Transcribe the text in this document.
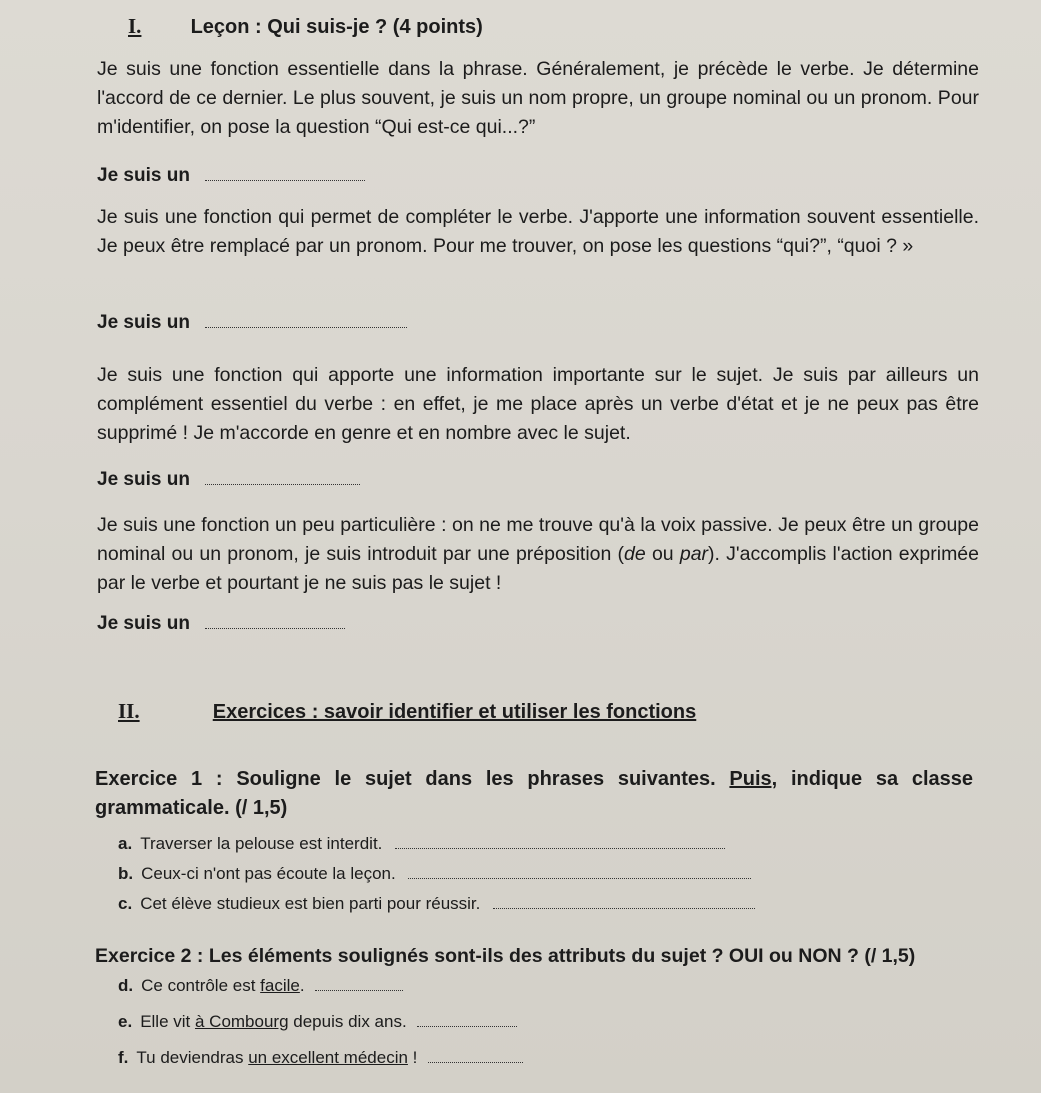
I. Leçon : Qui suis-je ? (4 points)
Je suis une fonction essentielle dans la phrase. Généralement, je précède le verbe. Je détermine l'accord de ce dernier. Le plus souvent, je suis un nom propre, un groupe nominal ou un pronom. Pour m'identifier, on pose la question “Qui est-ce qui...?”
Je suis un
Je suis une fonction qui permet de compléter le verbe. J'apporte une information souvent essentielle. Je peux être remplacé par un pronom. Pour me trouver, on pose les questions “qui?”, “quoi ? »
Je suis un
Je suis une fonction qui apporte une information importante sur le sujet. Je suis par ailleurs un complément essentiel du verbe : en effet, je me place après un verbe d'état et je ne peux pas être supprimé ! Je m'accorde en genre et en nombre avec le sujet.
Je suis un
Je suis une fonction un peu particulière : on ne me trouve qu'à la voix passive. Je peux être un groupe nominal ou un pronom, je suis introduit par une préposition (de ou par). J'accomplis l'action exprimée par le verbe et pourtant je ne suis pas le sujet !
Je suis un
II.	Exercices : savoir identifier et utiliser les fonctions
Exercice 1 : Souligne le sujet dans les phrases suivantes. Puis, indique sa classe grammaticale. (/ 1,5)
a. Traverser la pelouse est interdit.
b. Ceux-ci n'ont pas écoute la leçon.
c. Cet élève studieux est bien parti pour réussir.
Exercice 2 : Les éléments soulignés sont-ils des attributs du sujet ? OUI ou NON ? (/ 1,5)
d. Ce contrôle est facile.
e. Elle vit à Combourg depuis dix ans.
f. Tu deviendras un excellent médecin !
